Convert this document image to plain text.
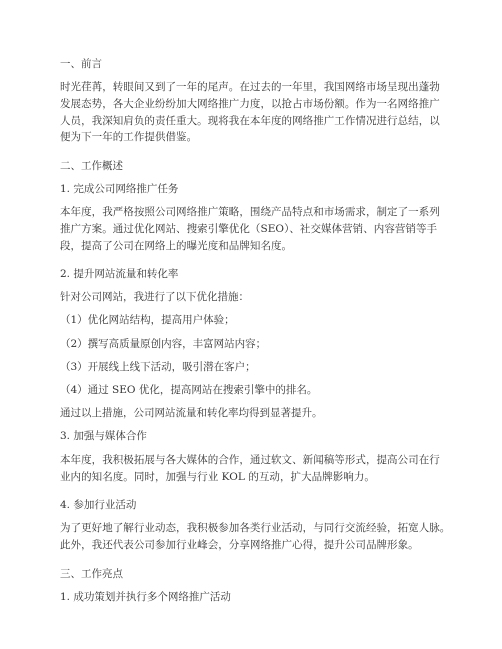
一、前言

时光荏苒，转眼间又到了一年的尾声。在过去的一年里，我国网络市场呈现出蓬勃
发展态势，各大企业纷纷加大网络推广力度，以抢占市场份额。作为一名网络推广
人员，我深知肩负的责任重大。现将我在本年度的网络推广工作情况进行总结，以
便为下一年的工作提供借鉴。

二、工作概述

1. 完成公司网络推广任务

本年度，我严格按照公司网络推广策略，围绕产品特点和市场需求，制定了一系列
推广方案。通过优化网站、搜索引擎优化（SEO）、社交媒体营销、内容营销等手
段，提高了公司在网络上的曝光度和品牌知名度。

2. 提升网站流量和转化率

针对公司网站，我进行了以下优化措施：

（1）优化网站结构，提高用户体验；

（2）撰写高质量原创内容，丰富网站内容；

（3）开展线上线下活动，吸引潜在客户；

（4）通过 SEO 优化，提高网站在搜索引擎中的排名。

通过以上措施，公司网站流量和转化率均得到显著提升。

3. 加强与媒体合作

本年度，我积极拓展与各大媒体的合作，通过软文、新闻稿等形式，提高公司在行
业内的知名度。同时，加强与行业 KOL 的互动，扩大品牌影响力。

4. 参加行业活动

为了更好地了解行业动态，我积极参加各类行业活动，与同行交流经验，拓宽人脉。
此外，我还代表公司参加行业峰会，分享网络推广心得，提升公司品牌形象。

三、工作亮点

1. 成功策划并执行多个网络推广活动
